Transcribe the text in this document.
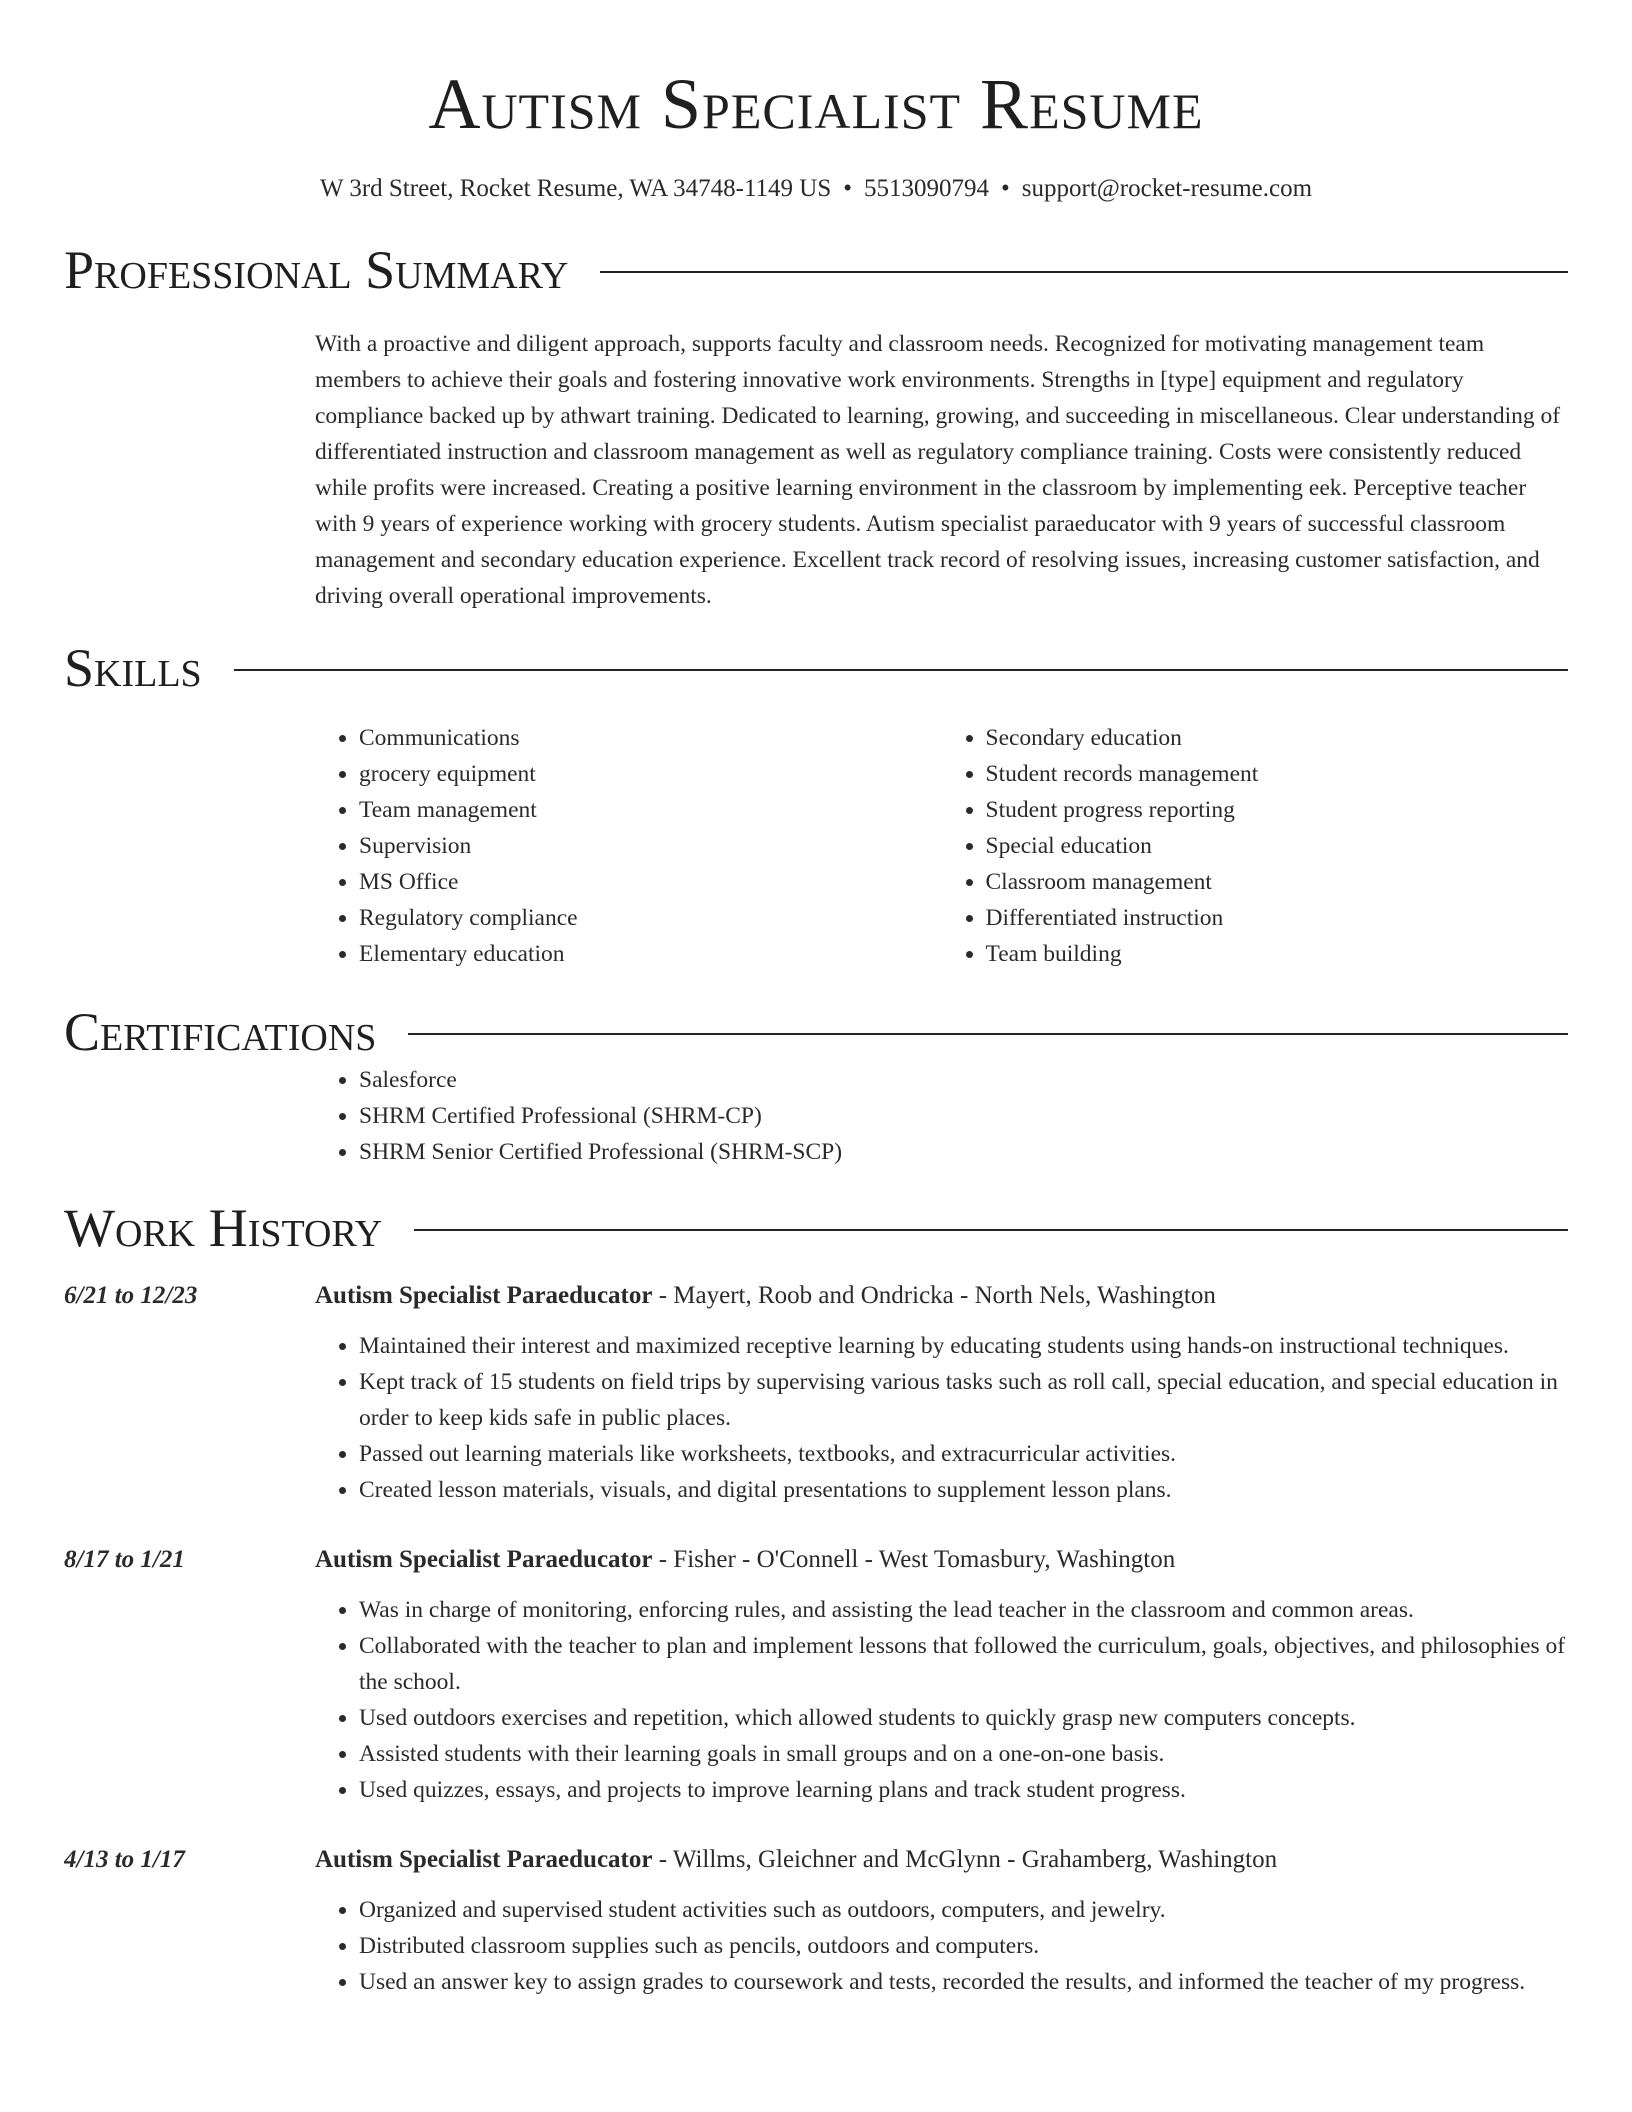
Autism Specialist Resume
W 3rd Street, Rocket Resume, WA 34748-1149 US • 5513090794 • support@rocket-resume.com
Professional Summary

With a proactive and diligent approach, supports faculty and classroom needs. Recognized for motivating management team members to achieve their goals and fostering innovative work environments. Strengths in [type] equipment and regulatory compliance backed up by athwart training. Dedicated to learning, growing, and succeeding in miscellaneous. Clear understanding of differentiated instruction and classroom management as well as regulatory compliance training. Costs were consistently reduced while profits were increased. Creating a positive learning environment in the classroom by implementing eek. Perceptive teacher with 9 years of experience working with grocery students. Autism specialist paraeducator with 9 years of successful classroom management and secondary education experience. Excellent track record of resolving issues, increasing customer satisfaction, and driving overall operational improvements.

Skills
• Communications
• grocery equipment
• Team management
• Supervision
• MS Office
• Regulatory compliance
• Elementary education
• Secondary education
• Student records management
• Student progress reporting
• Special education
• Classroom management
• Differentiated instruction
• Team building
Certifications
• Salesforce
• SHRM Certified Professional (SHRM-CP)
• SHRM Senior Certified Professional (SHRM-SCP)
Work History
6/21 to 12/23	Autism Specialist Paraeducator - Mayert, Roob and Ondricka - North Nels, Washington
• Maintained their interest and maximized receptive learning by educating students using hands-on instructional techniques.
• Kept track of 15 students on field trips by supervising various tasks such as roll call, special education, and special education in order to keep kids safe in public places.
• Passed out learning materials like worksheets, textbooks, and extracurricular activities.
• Created lesson materials, visuals, and digital presentations to supplement lesson plans.
8/17 to 1/21	Autism Specialist Paraeducator - Fisher - O'Connell - West Tomasbury, Washington
• Was in charge of monitoring, enforcing rules, and assisting the lead teacher in the classroom and common areas.
• Collaborated with the teacher to plan and implement lessons that followed the curriculum, goals, objectives, and philosophies of the school.
• Used outdoors exercises and repetition, which allowed students to quickly grasp new computers concepts.
• Assisted students with their learning goals in small groups and on a one-on-one basis.
• Used quizzes, essays, and projects to improve learning plans and track student progress.
4/13 to 1/17	Autism Specialist Paraeducator - Willms, Gleichner and McGlynn - Grahamberg, Washington
• Organized and supervised student activities such as outdoors, computers, and jewelry.
• Distributed classroom supplies such as pencils, outdoors and computers.
• Used an answer key to assign grades to coursework and tests, recorded the results, and informed the teacher of my progress.
